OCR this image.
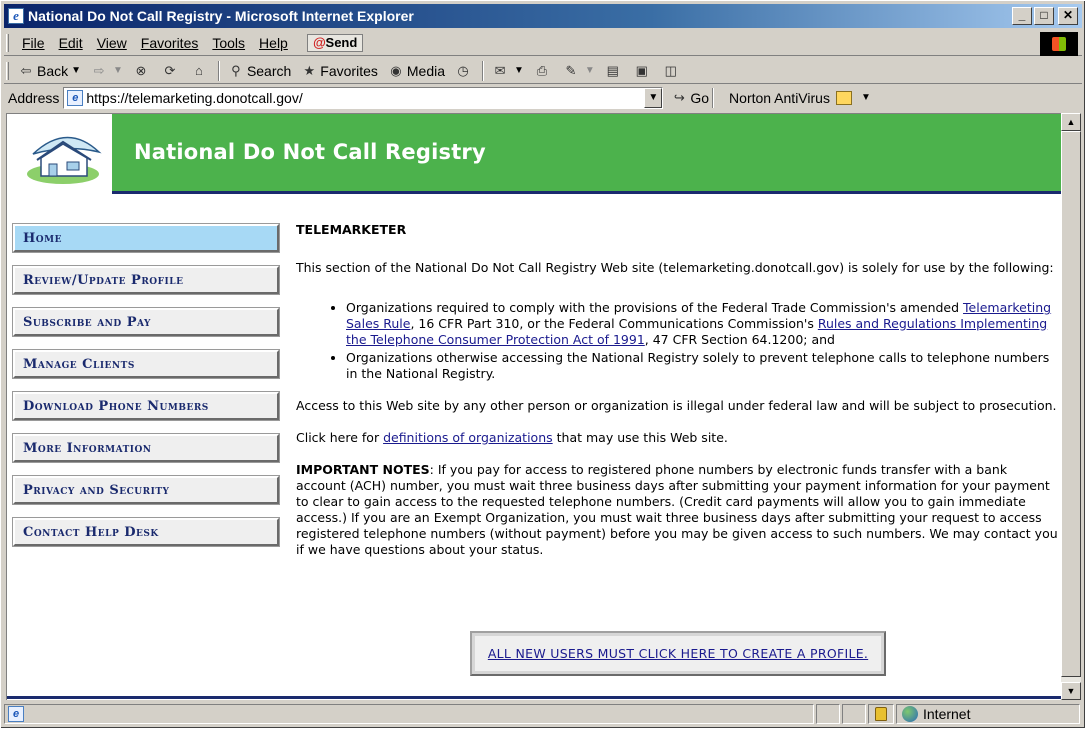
e National Do Not Call Registry - Microsoft Internet Explorer	_	□	✕
File	Edit	View	Favorites	Tools	Help	@Send
⇦ Back ▼ ⇨ ▼ ⊗ ⟳	⌂	⚲ Search ★ Favorites ◉ Media ◷ ✉ ▼ ⎙ ✎ ▼ ▤ ▣ ◫
Address	e https://telemarketing.donotcall.gov/	▼	↪ Go Norton AntiVirus	▼
National Do Not Call Registry
Home
Review/Update Profile
Subscribe and Pay
Manage Clients
Download Phone Numbers
More Information
Privacy and Security
Contact Help Desk
TELEMARKETER

This section of the National Do Not Call Registry Web site (telemarketing.donotcall.gov) is solely for use by the following:

• Organizations required to comply with the provisions of the Federal Trade Commission's amended Telemarketing Sales Rule, 16 CFR Part 310, or the Federal Communications Commission's Rules and Regulations Implementing the Telephone Consumer Protection Act of 1991, 47 CFR Section 64.1200; and
• Organizations otherwise accessing the National Registry solely to prevent telephone calls to telephone numbers in the National Registry.

Access to this Web site by any other person or organization is illegal under federal law and will be subject to prosecution.

Click here for definitions of organizations that may use this Web site.

IMPORTANT NOTES: If you pay for access to registered phone numbers by electronic funds transfer with a bank account (ACH) number, you must wait three business days after submitting your payment information for your payment to clear to gain access to the requested telephone numbers. (Credit card payments will allow you to gain immediate access.) If you are an Exempt Organization, you must wait three business days after submitting your request to access registered telephone numbers (without payment) before you may be given access to such numbers. We may contact you if we have questions about your status.

ALL NEW USERS MUST CLICK HERE TO CREATE A PROFILE.
▲
▼
e	Internet
